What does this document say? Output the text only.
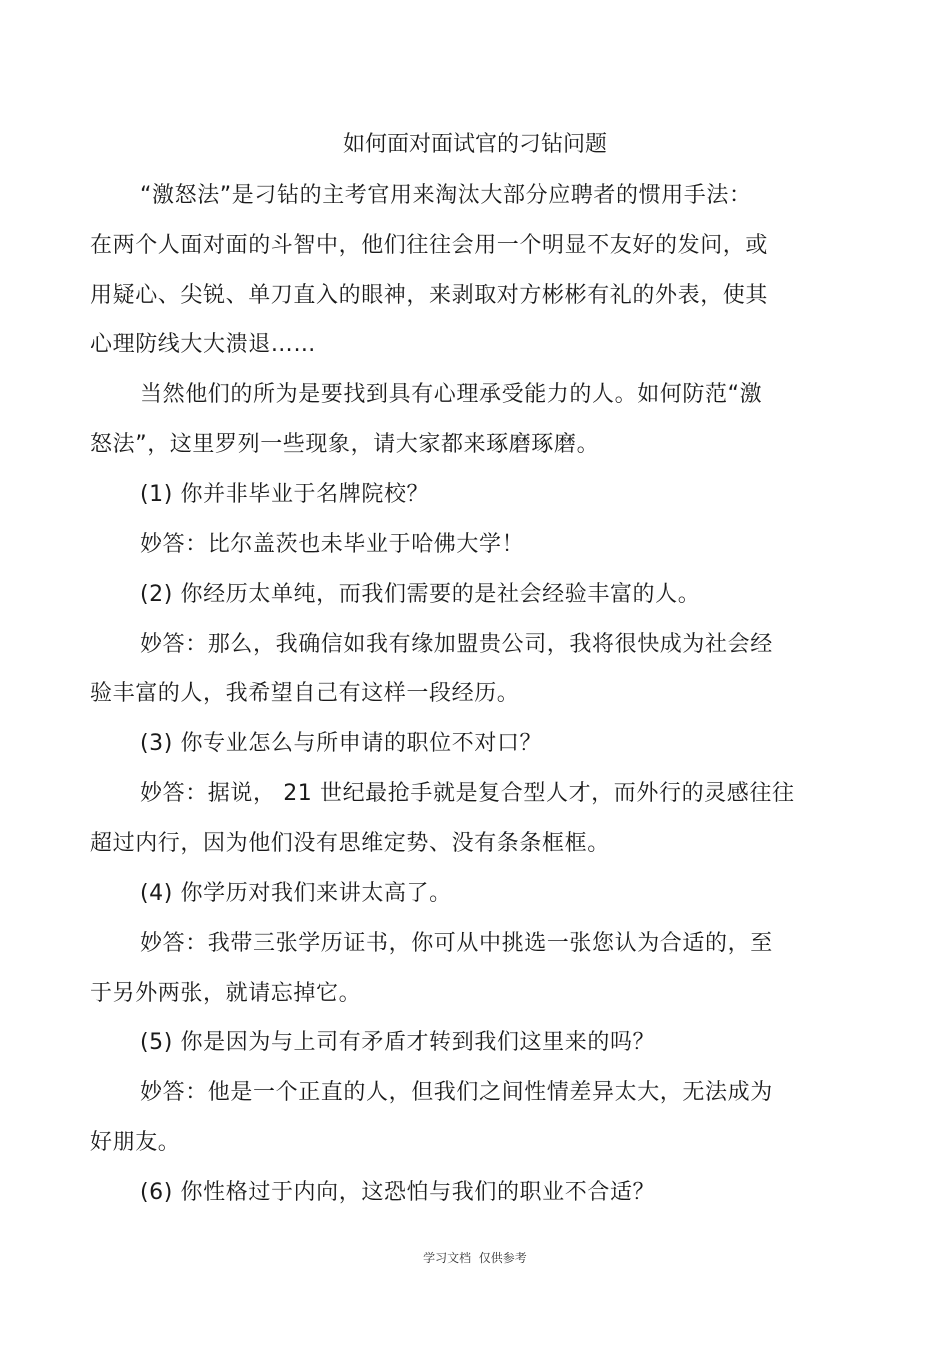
如何面对面试官的刁钻问题
“激怒法”是刁钻的主考官用来淘汰大部分应聘者的惯用手法：
在两个人面对面的斗智中，他们往往会用一个明显不友好的发问，或
用疑心、尖锐、单刀直入的眼神，来剥取对方彬彬有礼的外表，使其
心理防线大大溃退……
当然他们的所为是要找到具有心理承受能力的人。如何防范“激
怒法”，这里罗列一些现象，请大家都来琢磨琢磨。
(1) 你并非毕业于名牌院校？
妙答：比尔盖茨也未毕业于哈佛大学！
(2) 你经历太单纯，而我们需要的是社会经验丰富的人。
妙答：那么，我确信如我有缘加盟贵公司，我将很快成为社会经
验丰富的人，我希望自己有这样一段经历。
(3) 你专业怎么与所申请的职位不对口？
妙答：据说， 21 世纪最抢手就是复合型人才，而外行的灵感往往
超过内行，因为他们没有思维定势、没有条条框框。
(4) 你学历对我们来讲太高了。
妙答：我带三张学历证书，你可从中挑选一张您认为合适的，至
于另外两张，就请忘掉它。
(5) 你是因为与上司有矛盾才转到我们这里来的吗？
妙答：他是一个正直的人，但我们之间性情差异太大，无法成为
好朋友。
(6) 你性格过于内向，这恐怕与我们的职业不合适？
学习文档  仅供参考
